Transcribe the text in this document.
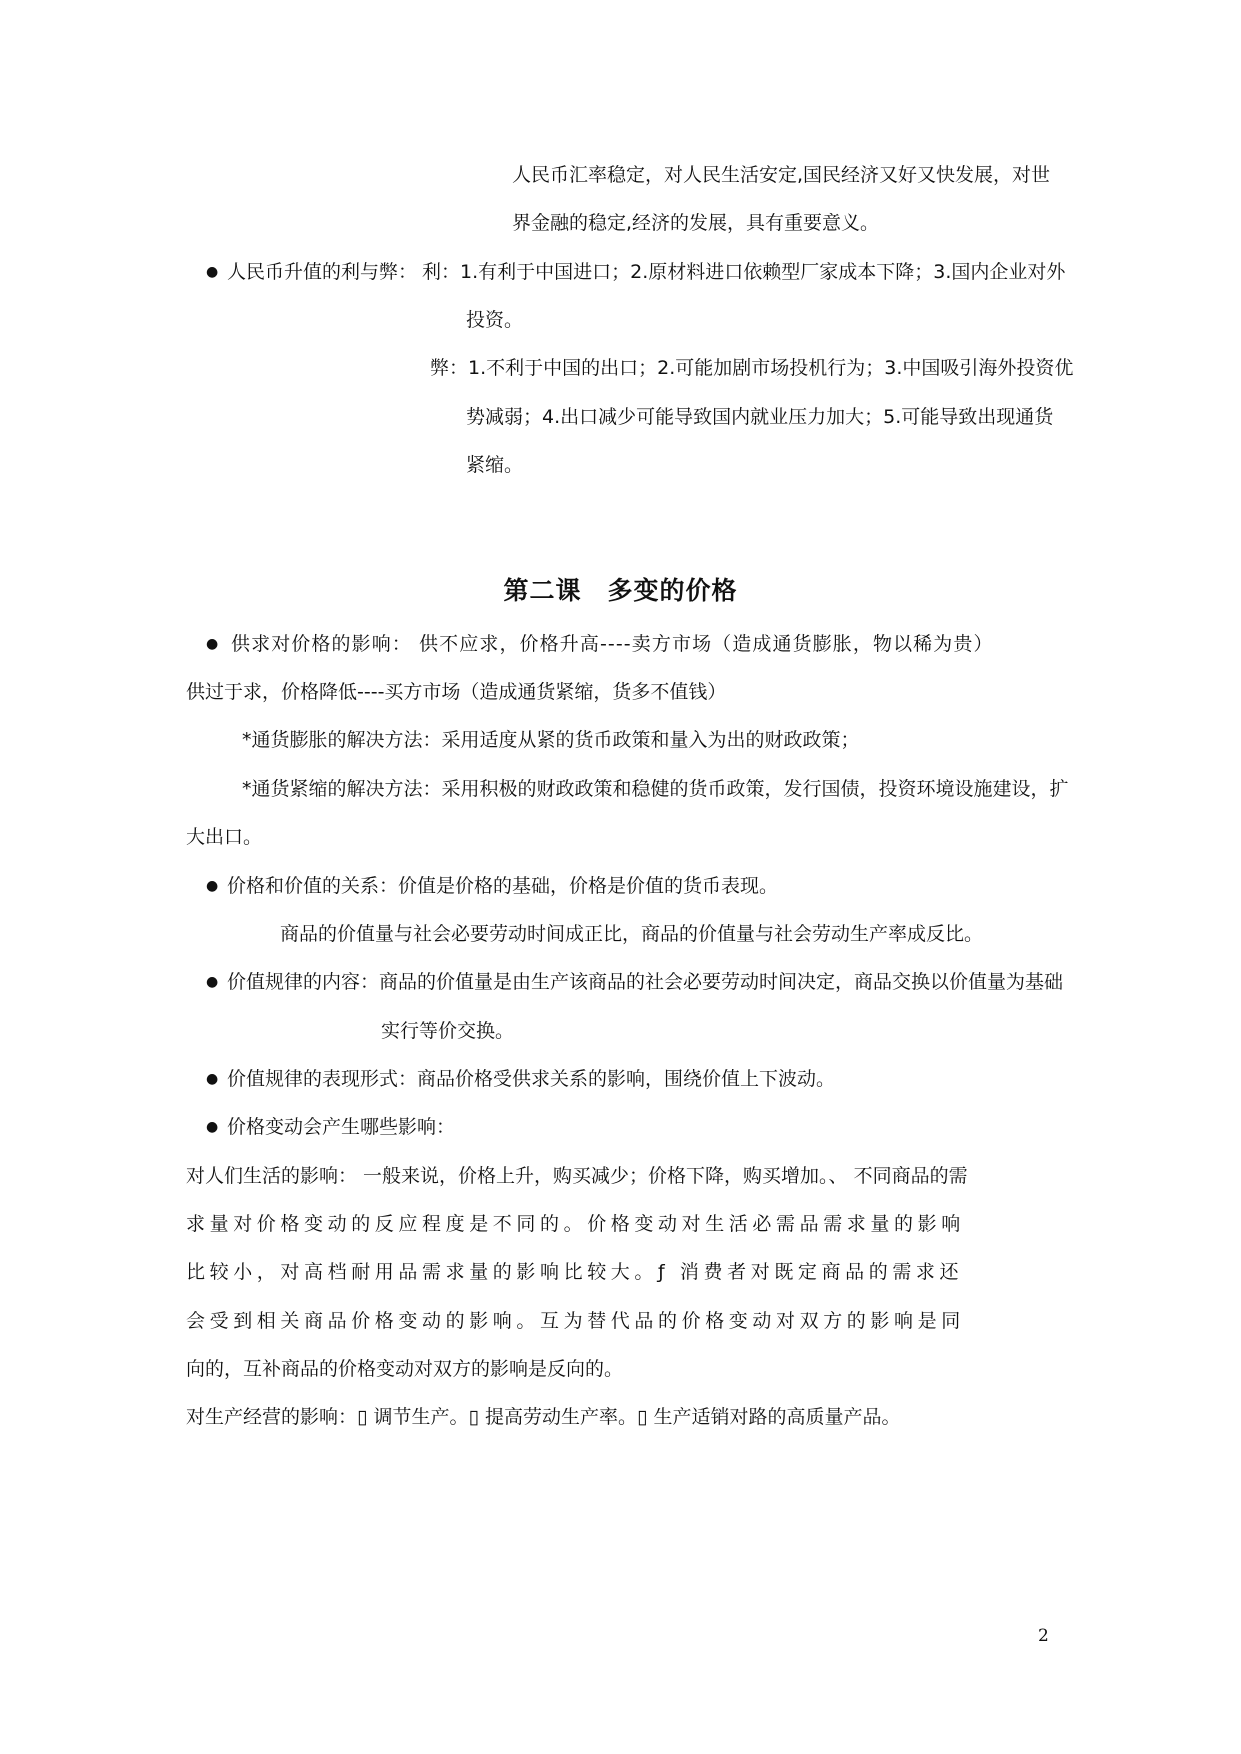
人民币汇率稳定，对人民生活安定,国民经济又好又快发展，对世

界金融的稳定,经济的发展，具有重要意义。

● 人民币升值的利与弊： 利：1.有利于中国进口；2.原材料进口依赖型厂家成本下降；3.国内企业对外

投资。

弊：1.不利于中国的出口；2.可能加剧市场投机行为；3.中国吸引海外投资优

势减弱；4.出口减少可能导致国内就业压力加大；5.可能导致出现通货

紧缩。

第二课　多变的价格
● 供求对价格的影响： 供不应求，价格升高----卖方市场（造成通货膨胀，物以稀为贵）

供过于求，价格降低----买方市场（造成通货紧缩，货多不值钱）

*通货膨胀的解决方法：采用适度从紧的货币政策和量入为出的财政政策；

*通货紧缩的解决方法：采用积极的财政政策和稳健的货币政策，发行国债，投资环境设施建设，扩

大出口。

● 价格和价值的关系：价值是价格的基础，价格是价值的货币表现。

商品的价值量与社会必要劳动时间成正比，商品的价值量与社会劳动生产率成反比。

● 价值规律的内容：商品的价值量是由生产该商品的社会必要劳动时间决定，商品交换以价值量为基础

实行等价交换。

● 价值规律的表现形式：商品价格受供求关系的影响，围绕价值上下波动。

● 价格变动会产生哪些影响：

对人们生活的影响： 一般来说，价格上升，购买减少；价格下降，购买增加。、 不同商品的需

求量对价格变动的反应程度是不同的。价格变动对生活必需品需求量的影响

比较小，对高档耐用品需求量的影响比较大。ƒ 消费者对既定商品的需求还

会受到相关商品价格变动的影响。互为替代品的价格变动对双方的影响是同

向的，互补商品的价格变动对双方的影响是反向的。

对生产经营的影响：▯ 调节生产。▯ 提高劳动生产率。▯ 生产适销对路的高质量产品。

2
